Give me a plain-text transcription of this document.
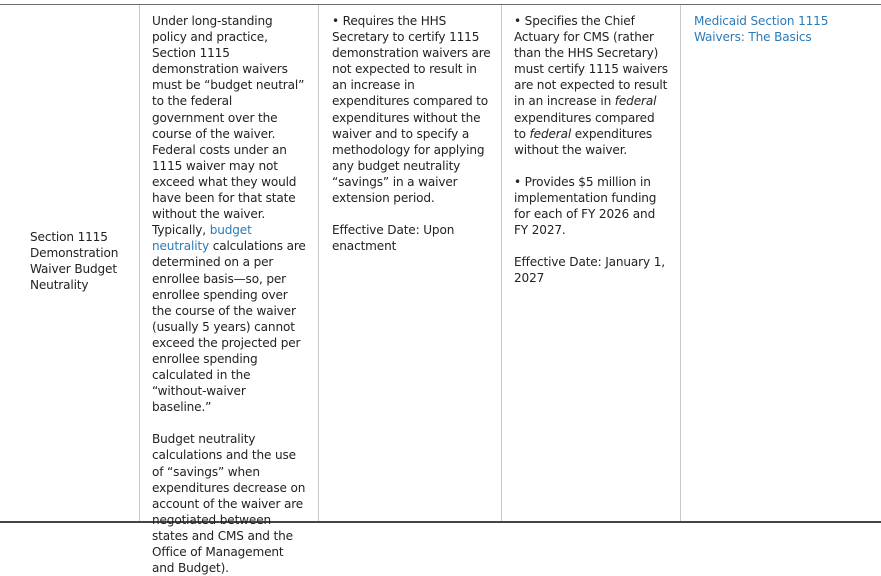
Section 1115 Demonstration Waiver Budget Neutrality

Under long-standing policy and practice, Section 1115 demonstration waivers must be “budget neutral” to the federal government over the course of the waiver. Federal costs under an 1115 waiver may not exceed what they would have been for that state without the waiver. Typically, budget neutrality calculations are determined on a per enrollee basis—so, per enrollee spending over the course of the waiver (usually 5 years) cannot exceed the projected per enrollee spending calculated in the “without-waiver baseline.”

Budget neutrality calculations and the use of “savings” when expenditures decrease on account of the waiver are negotiated between states and CMS and the Office of Management and Budget).

• Requires the HHS Secretary to certify 1115 demonstration waivers are not expected to result in an increase in expenditures compared to expenditures without the waiver and to specify a methodology for applying any budget neutrality “savings” in a waiver extension period.

Effective Date: Upon enactment

• Specifies the Chief Actuary for CMS (rather than the HHS Secretary) must certify 1115 waivers are not expected to result in an increase in federal expenditures compared to federal expenditures without the waiver.

• Provides $5 million in implementation funding for each of FY 2026 and FY 2027.

Effective Date: January 1, 2027

Medicaid Section 1115 Waivers: The Basics
